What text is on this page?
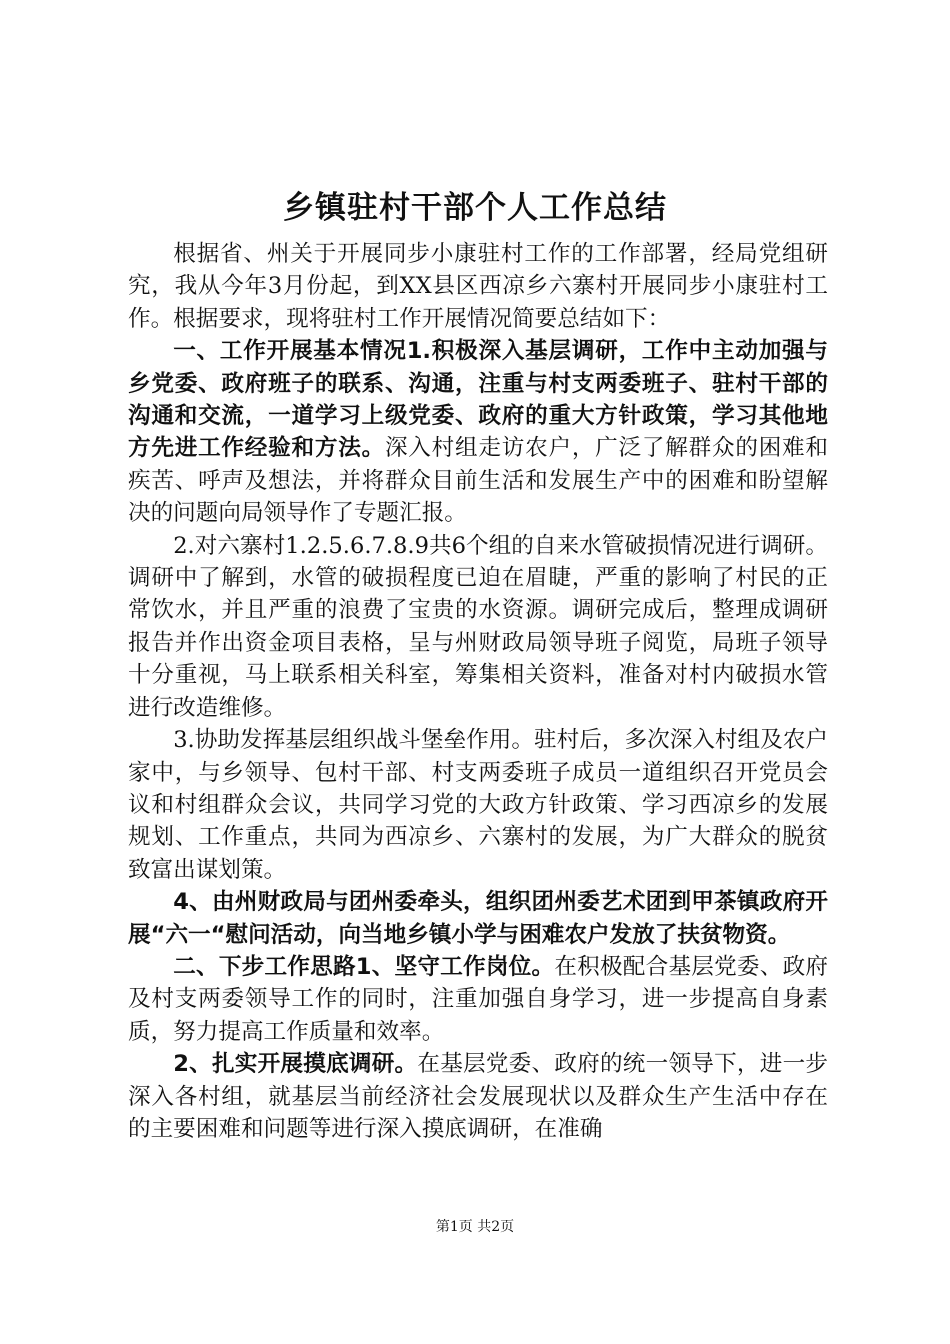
乡镇驻村干部个人工作总结

根据省、州关于开展同步小康驻村工作的工作部署，经局党组研究，我从今年3月份起，到XX县区西凉乡六寨村开展同步小康驻村工作。根据要求，现将驻村工作开展情况简要总结如下：

一、工作开展基本情况1.积极深入基层调研，工作中主动加强与乡党委、政府班子的联系、沟通，注重与村支两委班子、驻村干部的沟通和交流，一道学习上级党委、政府的重大方针政策，学习其他地方先进工作经验和方法。深入村组走访农户，广泛了解群众的困难和疾苦、呼声及想法，并将群众目前生活和发展生产中的困难和盼望解决的问题向局领导作了专题汇报。

2.对六寨村1.2.5.6.7.8.9共6个组的自来水管破损情况进行调研。调研中了解到，水管的破损程度已迫在眉睫，严重的影响了村民的正常饮水，并且严重的浪费了宝贵的水资源。调研完成后，整理成调研报告并作出资金项目表格，呈与州财政局领导班子阅览，局班子领导十分重视，马上联系相关科室，筹集相关资料，准备对村内破损水管进行改造维修。

3.协助发挥基层组织战斗堡垒作用。驻村后，多次深入村组及农户家中，与乡领导、包村干部、村支两委班子成员一道组织召开党员会议和村组群众会议，共同学习党的大政方针政策、学习西凉乡的发展规划、工作重点，共同为西凉乡、六寨村的发展，为广大群众的脱贫致富出谋划策。

4、由州财政局与团州委牵头，组织团州委艺术团到甲茶镇政府开展“六一“慰问活动，向当地乡镇小学与困难农户发放了扶贫物资。

二、下步工作思路1、坚守工作岗位。在积极配合基层党委、政府及村支两委领导工作的同时，注重加强自身学习，进一步提高自身素质，努力提高工作质量和效率。

2、扎实开展摸底调研。在基层党委、政府的统一领导下，进一步深入各村组，就基层当前经济社会发展现状以及群众生产生活中存在的主要困难和问题等进行深入摸底调研，在准确

第1页 共2页
